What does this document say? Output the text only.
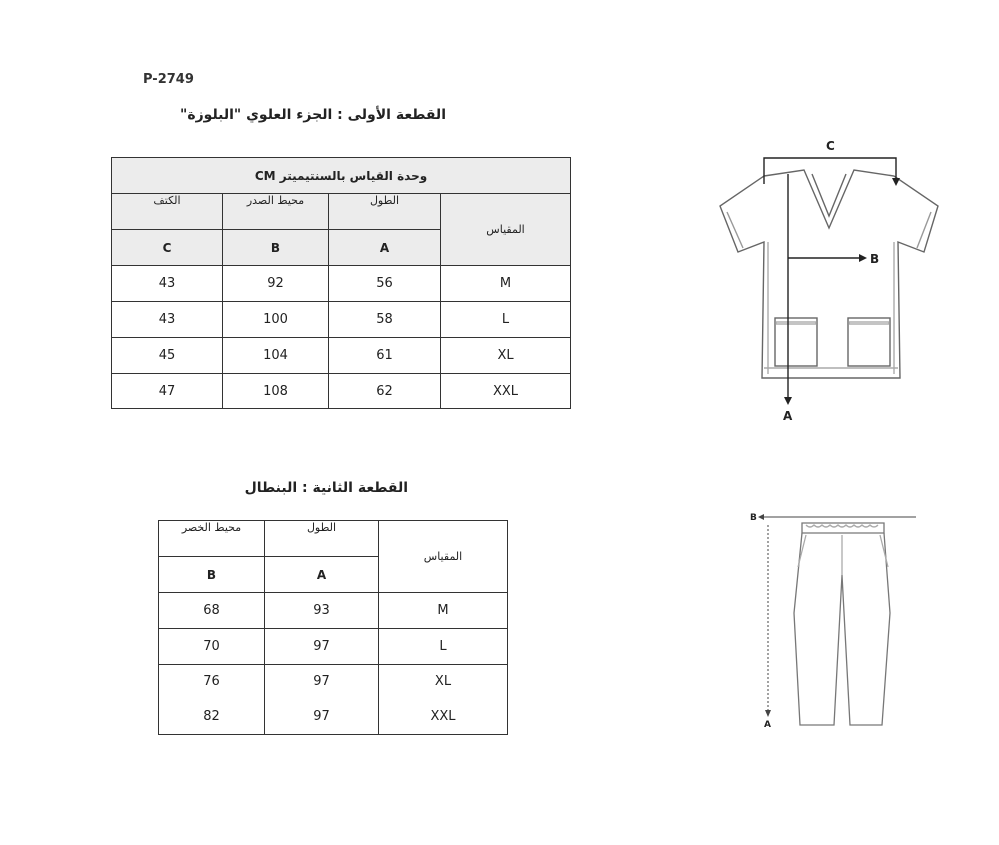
P-2749
القطعة الأولى : الجزء العلوي "البلوزة"
وحدة القياس بالسنتيميتر CM			
الكتف	محيط الصدر	الطول	المقياس
C	B	A	
43	92	56	M
43	100	58	L
45	104	61	XL
47	108	62	XXL
C
B
A
القطعة الثانية : البنطال
محيط الخصر	الطول	المقياس
B	A	
68	93	M
70	97	L
76	97	XL
82	97	XXL
B
A
